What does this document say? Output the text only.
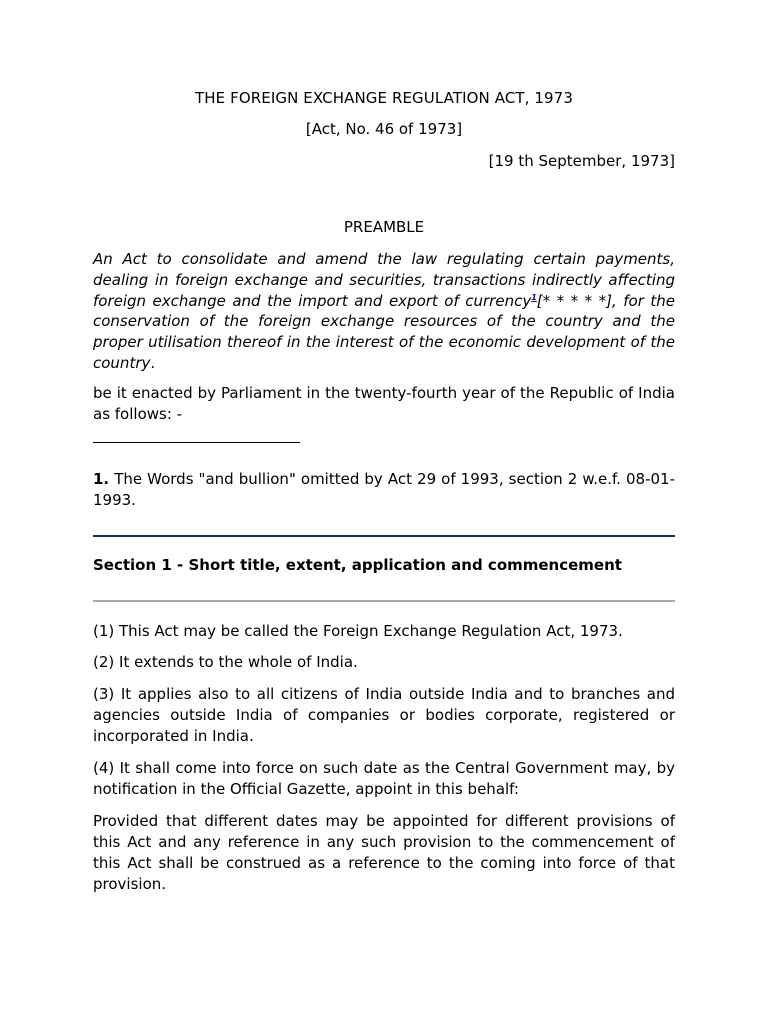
THE FOREIGN EXCHANGE REGULATION ACT, 1973
[Act, No. 46 of 1973]
[19 th September, 1973]
PREAMBLE
An Act to consolidate and amend the law regulating certain payments, dealing in foreign exchange and securities, transactions indirectly affecting foreign exchange and the import and export of currency$^1$[* * * * *], for the conservation of the foreign exchange resources of the country and the proper utilisation thereof in the interest of the economic development of the country.
be it enacted by Parliament in the twenty-fourth year of the Republic of India as follows: -
1. The Words "and bullion" omitted by Act 29 of 1993, section 2 w.e.f. 08-01-1993.
Section 1 - Short title, extent, application and commencement
(1) This Act may be called the Foreign Exchange Regulation Act, 1973.
(2) It extends to the whole of India.
(3) It applies also to all citizens of India outside India and to branches and agencies outside India of companies or bodies corporate, registered or incorporated in India.
(4) It shall come into force on such date as the Central Government may, by notification in the Official Gazette, appoint in this behalf:
Provided that different dates may be appointed for different provisions of this Act and any reference in any such provision to the commencement of this Act shall be construed as a reference to the coming into force of that provision.
